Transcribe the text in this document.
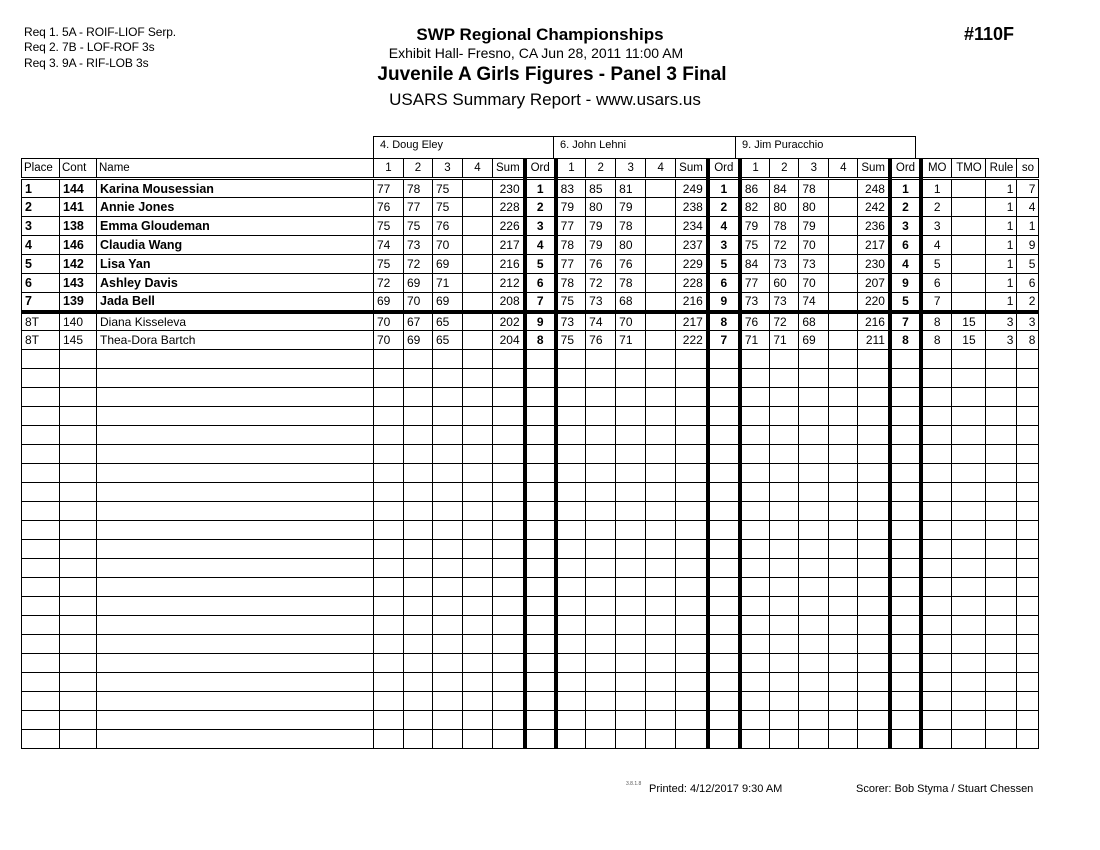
Req 1. 5A - ROIF-LIOF Serp.
Req 2. 7B - LOF-ROF 3s
Req 3. 9A - RIF-LOB 3s
SWP Regional Championships
Exhibit Hall- Fresno, CA Jun 28, 2011 11:00 AM
Juvenile A Girls Figures - Panel 3 Final
USARS Summary Report - www.usars.us
#110F
4. Doug Eley	6. John Lehni	9. Jim Puracchio
Place	Cont	Name	1	2	3	4	Sum	Ord	1	2	3	4	Sum	Ord	1	2	3	4	Sum	Ord	MO	TMO	Rule	so
1	144	Karina Mousessian	77	78	75		230	1	83	85	81		249	1	86	84	78		248	1	1		1	7
2	141	Annie Jones	76	77	75		228	2	79	80	79		238	2	82	80	80		242	2	2		1	4
3	138	Emma Gloudeman	75	75	76		226	3	77	79	78		234	4	79	78	79		236	3	3		1	1
4	146	Claudia Wang	74	73	70		217	4	78	79	80		237	3	75	72	70		217	6	4		1	9
5	142	Lisa Yan	75	72	69		216	5	77	76	76		229	5	84	73	73		230	4	5		1	5
6	143	Ashley Davis	72	69	71		212	6	78	72	78		228	6	77	60	70		207	9	6		1	6
7	139	Jada Bell	69	70	69		208	7	75	73	68		216	9	73	73	74		220	5	7		1	2
8T	140	Diana Kisseleva	70	67	65		202	9	73	74	70		217	8	76	72	68		216	7	8	15	3	3
8T	145	Thea-Dora Bartch	70	69	65		204	8	75	76	71		222	7	71	71	69		211	8	8	15	3	8

3.8.1.8 Printed: 4/12/2017 9:30 AM	Scorer: Bob Styma / Stuart Chessen
